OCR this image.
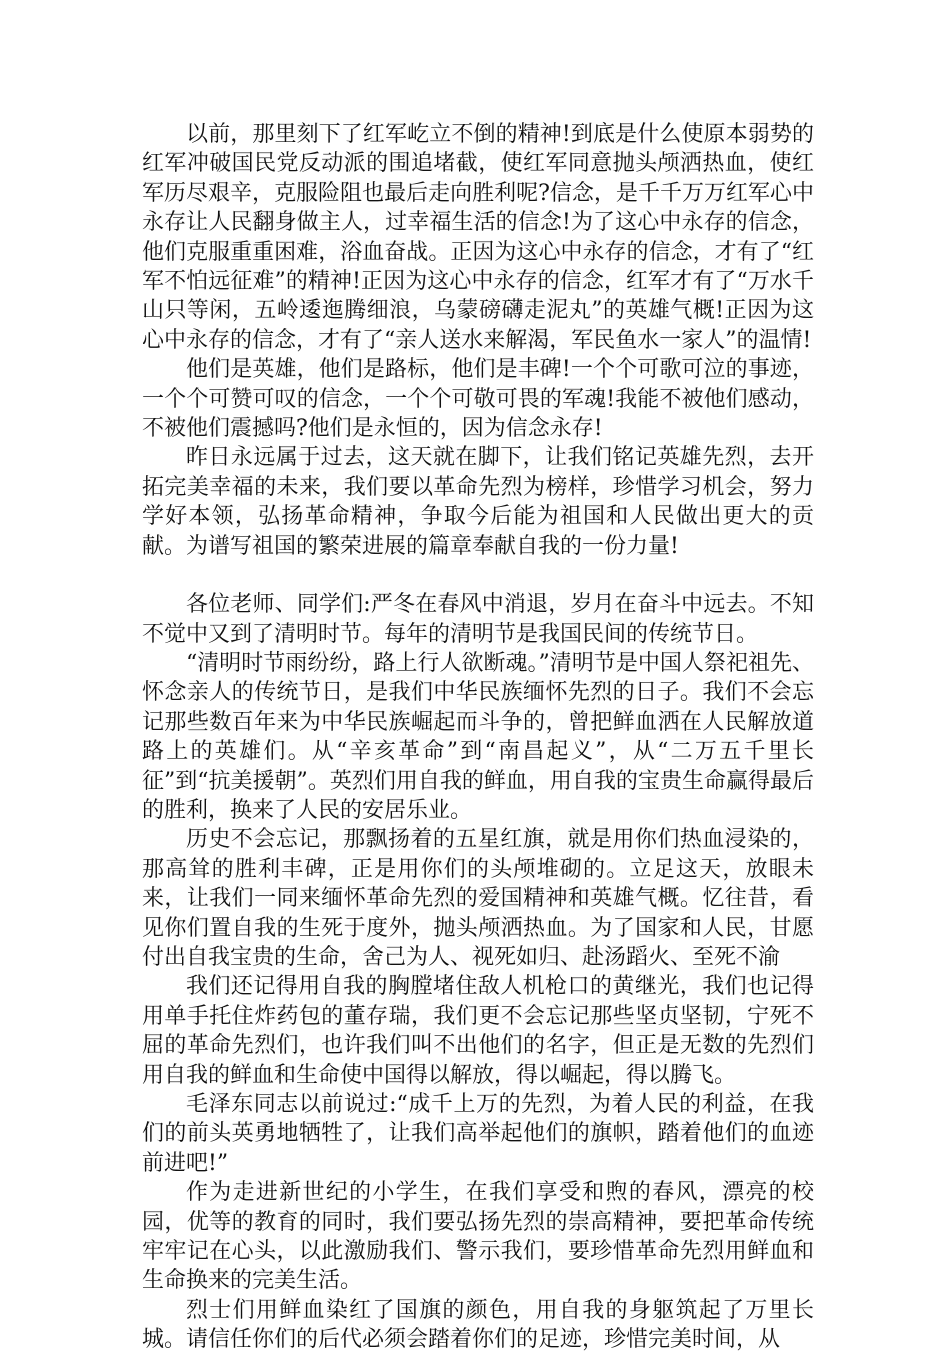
以前，那里刻下了红军屹立不倒的精神!到底是什么使原本弱势的红军冲破国民党反动派的围追堵截，使红军同意抛头颅洒热血，使红军历尽艰辛，克服险阻也最后走向胜利呢?信念，是千千万万红军心中永存让人民翻身做主人，过幸福生活的信念!为了这心中永存的信念，他们克服重重困难，浴血奋战。正因为这心中永存的信念，才有了“红军不怕远征难”的精神!正因为这心中永存的信念，红军才有了“万水千山只等闲，五岭逶迤腾细浪，乌蒙磅礴走泥丸”的英雄气概!正因为这心中永存的信念，才有了“亲人送水来解渴，军民鱼水一家人”的温情!

他们是英雄，他们是路标，他们是丰碑!一个个可歌可泣的事迹，一个个可赞可叹的信念，一个个可敬可畏的军魂!我能不被他们感动，不被他们震撼吗?他们是永恒的，因为信念永存!

昨日永远属于过去，这天就在脚下，让我们铭记英雄先烈，去开拓完美幸福的未来，我们要以革命先烈为榜样，珍惜学习机会，努力学好本领，弘扬革命精神，争取今后能为祖国和人民做出更大的贡献。为谱写祖国的繁荣进展的篇章奉献自我的一份力量!

各位老师、同学们:严冬在春风中消退，岁月在奋斗中远去。不知不觉中又到了清明时节。每年的清明节是我国民间的传统节日。

“清明时节雨纷纷，路上行人欲断魂。”清明节是中国人祭祀祖先、怀念亲人的传统节日，是我们中华民族缅怀先烈的日子。我们不会忘记那些数百年来为中华民族崛起而斗争的，曾把鲜血洒在人民解放道路上的英雄们。从“辛亥革命”到“南昌起义”，从“二万五千里长征”到“抗美援朝”。英烈们用自我的鲜血，用自我的宝贵生命赢得最后的胜利，换来了人民的安居乐业。

历史不会忘记，那飘扬着的五星红旗，就是用你们热血浸染的，那高耸的胜利丰碑，正是用你们的头颅堆砌的。立足这天，放眼未来，让我们一同来缅怀革命先烈的爱国精神和英雄气概。忆往昔，看见你们置自我的生死于度外，抛头颅洒热血。为了国家和人民，甘愿付出自我宝贵的生命，舍己为人、视死如归、赴汤蹈火、至死不渝

我们还记得用自我的胸膛堵住敌人机枪口的黄继光，我们也记得用单手托住炸药包的董存瑞，我们更不会忘记那些坚贞坚韧，宁死不屈的革命先烈们，也许我们叫不出他们的名字，但正是无数的先烈们用自我的鲜血和生命使中国得以解放，得以崛起，得以腾飞。

毛泽东同志以前说过:“成千上万的先烈，为着人民的利益，在我们的前头英勇地牺牲了，让我们高举起他们的旗帜，踏着他们的血迹前进吧!”

作为走进新世纪的小学生，在我们享受和煦的春风，漂亮的校园，优等的教育的同时，我们要弘扬先烈的崇高精神，要把革命传统牢牢记在心头，以此激励我们、警示我们，要珍惜革命先烈用鲜血和生命换来的完美生活。

烈士们用鲜血染红了国旗的颜色，用自我的身躯筑起了万里长城。请信任你们的后代必须会踏着你们的足迹，珍惜完美时间，从
